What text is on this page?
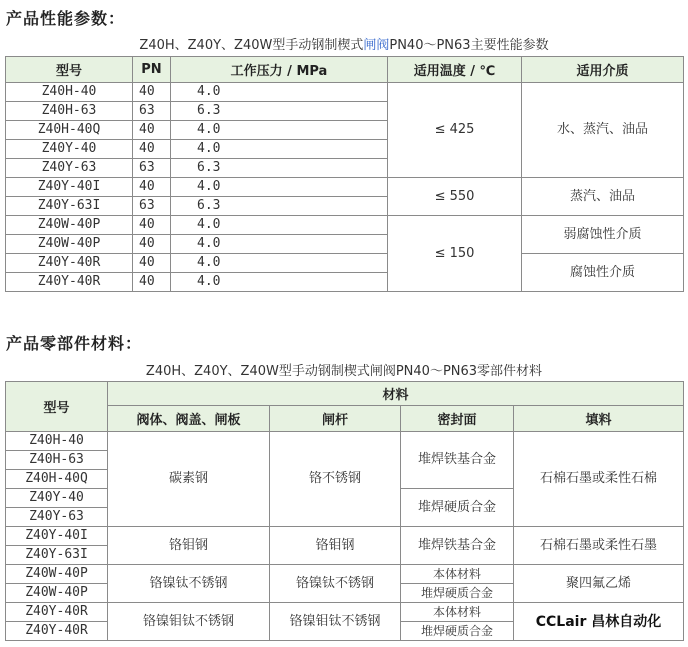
产品性能参数：
Z40H、Z40Y、Z40W型手动钢制楔式闸阀PN40～PN63主要性能参数
型号	PN	工作压力 / MPa	适用温度 / ℃	适用介质
Z40H-40	40	4.0	≤ 425	水、蒸汽、油品
Z40H-63	63	6.3		
Z40H-40Q	40	4.0		
Z40Y-40	40	4.0		
Z40Y-63	63	6.3		
Z40Y-40I	40	4.0	≤ 550	蒸汽、油品
Z40Y-63I	63	6.3		
Z40W-40P	40	4.0	≤ 150	弱腐蚀性介质
Z40W-40P	40	4.0		
Z40Y-40R	40	4.0		腐蚀性介质
Z40Y-40R	40	4.0		
产品零部件材料：
Z40H、Z40Y、Z40W型手动钢制楔式闸阀PN40～PN63零部件材料
型号	材料			
	阀体、阀盖、闸板	闸杆	密封面	填料
Z40H-40	碳素钢	铬不锈钢	堆焊铁基合金	石棉石墨或柔性石棉
Z40H-63				
Z40H-40Q				
Z40Y-40			堆焊硬质合金	
Z40Y-63				
Z40Y-40I	铬钼钢	铬钼钢	堆焊铁基合金	石棉石墨或柔性石墨
Z40Y-63I				
Z40W-40P	铬镍钛不锈钢	铬镍钛不锈钢	本体材料	聚四氟乙烯
Z40W-40P			堆焊硬质合金	
Z40Y-40R	铬镍钼钛不锈钢	铬镍钼钛不锈钢	本体材料	CCLair 昌林自动化
Z40Y-40R			堆焊硬质合金	
